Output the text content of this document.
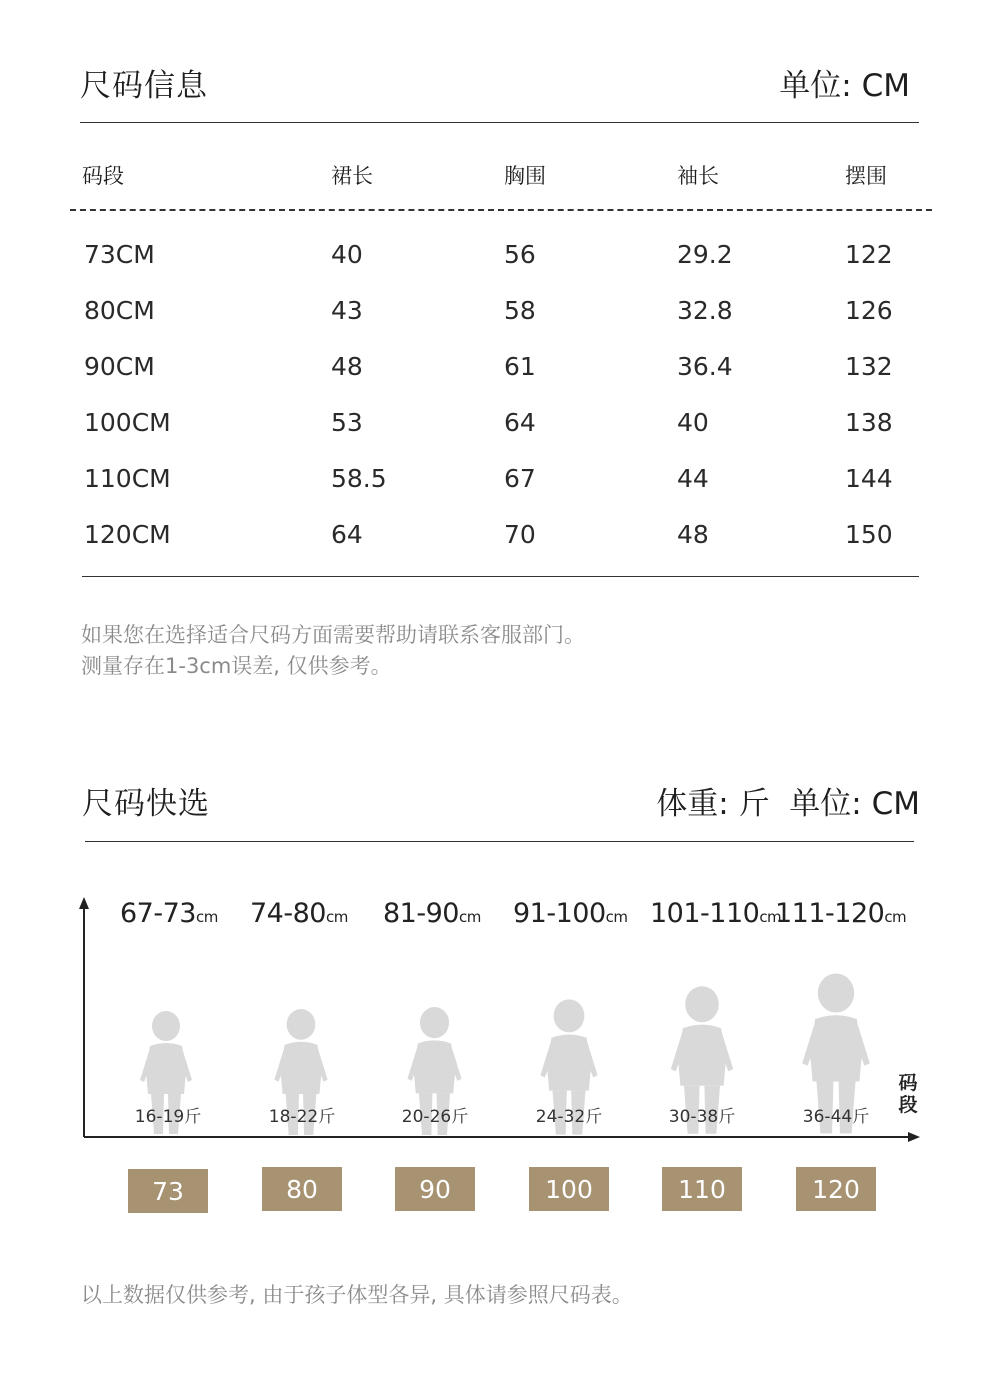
尺码信息	单位: CM
码段	裙长	胸围	袖长	摆围
73CM	40	56	29.2	122
80CM	43	58	32.8	126
90CM	48	61	36.4	132
100CM	53	64	40	138
110CM	58.5	67	44	144
120CM	64	70	48	150
如果您在选择适合尺码方面需要帮助请联系客服部门。
测量存在1-3cm误差, 仅供参考。
尺码快选	体重: 斤  单位: CM
码段
67-73cm
16-19斤
73
74-80cm
18-22斤
80
81-90cm
20-26斤
90
91-100cm
24-32斤
100
101-110cm
30-38斤
110
111-120cm
36-44斤
120
以上数据仅供参考, 由于孩子体型各异, 具体请参照尺码表。
